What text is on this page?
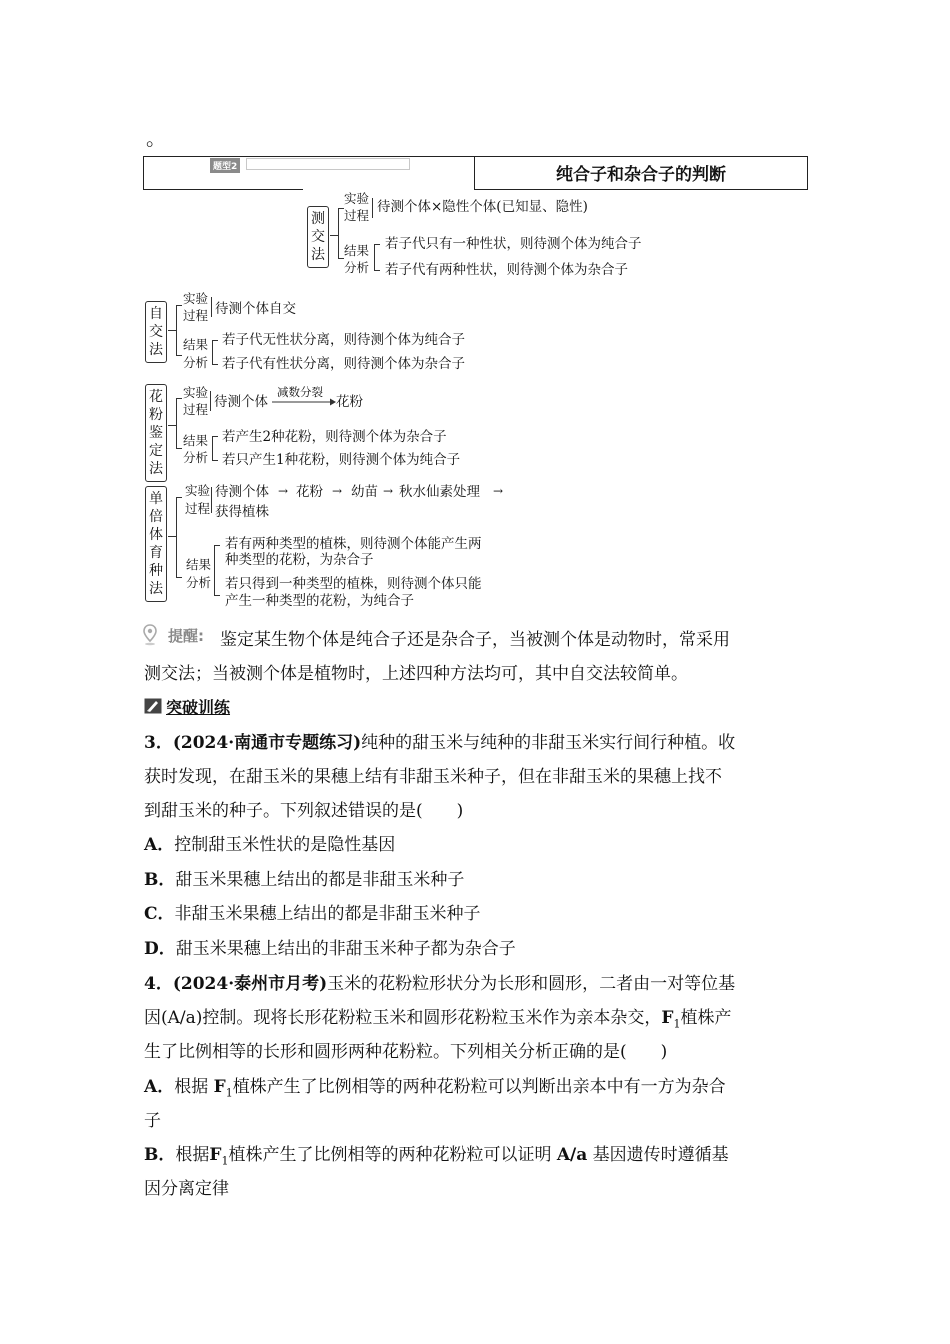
。
题型2	纯合子和杂合子的判断
测
交
法
实验
过程
待测个体×隐性个体(已知显、隐性)
结果
分析
若子代只有一种性状，则待测个体为纯合子
若子代有两种性状，则待测个体为杂合子
自
交
法
实验
过程 待测个体自交
结果
分析
若子代无性状分离，则待测个体为纯合子
若子代有性状分离，则待测个体为杂合子
花
粉
鉴
定
法
实验
过程 待测个体
减数分裂
花粉
结果
分析
若产生2种花粉，则待测个体为杂合子
若只产生1种花粉，则待测个体为纯合子
单
倍
体
育
种
法
实验
过程
待测个体 → 花粉 → 幼苗 → 秋水仙素处理 →
获得植株
结果
分析
若有两种类型的植株，则待测个体能产生两
种类型的花粉，为杂合子
若只得到一种类型的植株，则待测个体只能
产生一种类型的花粉，为纯合子
提醒: 鉴定某生物个体是纯合子还是杂合子，当被测个体是动物时，常采用
测交法；当被测个体是植物时，上述四种方法均可，其中自交法较简单。
突破训练
3．(2024·南通市专题练习)纯种的甜玉米与纯种的非甜玉米实行间行种植。收
获时发现，在甜玉米的果穗上结有非甜玉米种子，但在非甜玉米的果穗上找不
到甜玉米的种子。下列叙述错误的是(　　)
A．控制甜玉米性状的是隐性基因
B．甜玉米果穗上结出的都是非甜玉米种子
C．非甜玉米果穗上结出的都是非甜玉米种子
D．甜玉米果穗上结出的非甜玉米种子都为杂合子
4．(2024·泰州市月考)玉米的花粉粒形状分为长形和圆形，二者由一对等位基
因(A/a)控制。现将长形花粉粒玉米和圆形花粉粒玉米作为亲本杂交，$F_1$植株产
生了比例相等的长形和圆形两种花粉粒。下列相关分析正确的是(　　)
A．根据 $F_1$植株产生了比例相等的两种花粉粒可以判断出亲本中有一方为杂合
子
B．根据$F_1$植株产生了比例相等的两种花粉粒可以证明 A/a 基因遗传时遵循基
因分离定律
